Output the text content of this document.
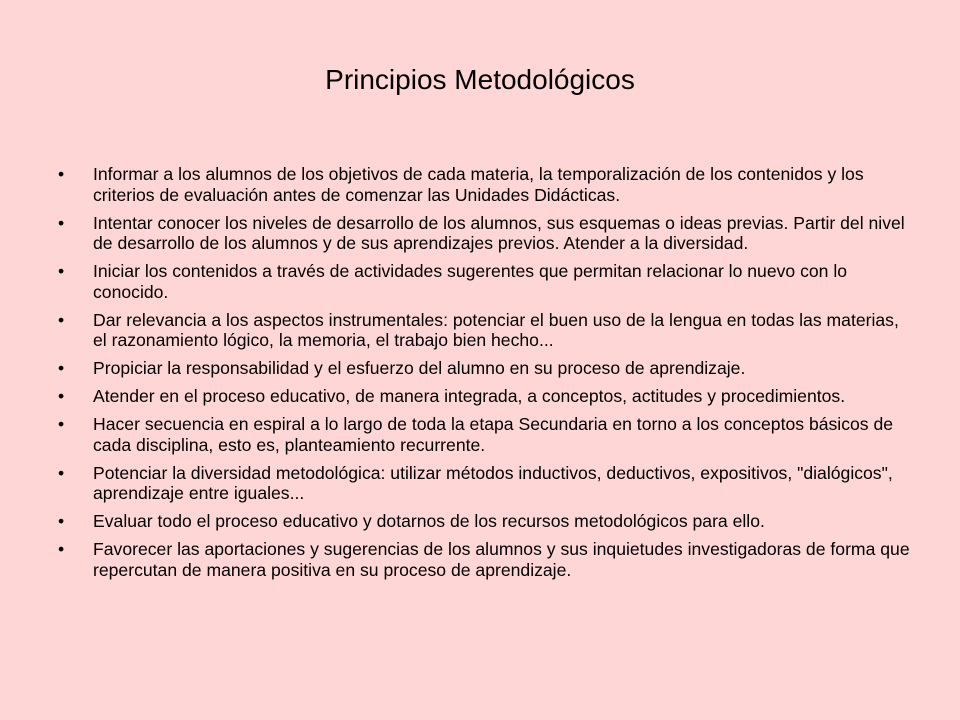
Principios Metodológicos
• Informar a los alumnos de los objetivos de cada materia, la temporalización de los contenidos y los criterios de evaluación antes de comenzar las Unidades Didácticas.
• Intentar conocer los niveles de desarrollo de los alumnos, sus esquemas o ideas previas. Partir del nivel de desarrollo de los alumnos y de sus aprendizajes previos. Atender a la diversidad.
• Iniciar los contenidos a través de actividades sugerentes que permitan relacionar lo nuevo con lo conocido.
• Dar relevancia a los aspectos instrumentales: potenciar el buen uso de la lengua en todas las materias, el razonamiento lógico, la memoria, el trabajo bien hecho...
• Propiciar la responsabilidad y el esfuerzo del alumno en su proceso de aprendizaje.
• Atender en el proceso educativo, de manera integrada, a conceptos, actitudes y procedimientos.
• Hacer secuencia en espiral a lo largo de toda la etapa Secundaria en torno a los conceptos básicos de cada disciplina, esto es, planteamiento recurrente.
• Potenciar la diversidad metodológica: utilizar métodos inductivos, deductivos, expositivos, "dialógicos", aprendizaje entre iguales...
• Evaluar todo el proceso educativo y dotarnos de los recursos metodológicos para ello.
• Favorecer las aportaciones y sugerencias de los alumnos y sus inquietudes investigadoras de forma que repercutan de manera positiva en su proceso de aprendizaje.
